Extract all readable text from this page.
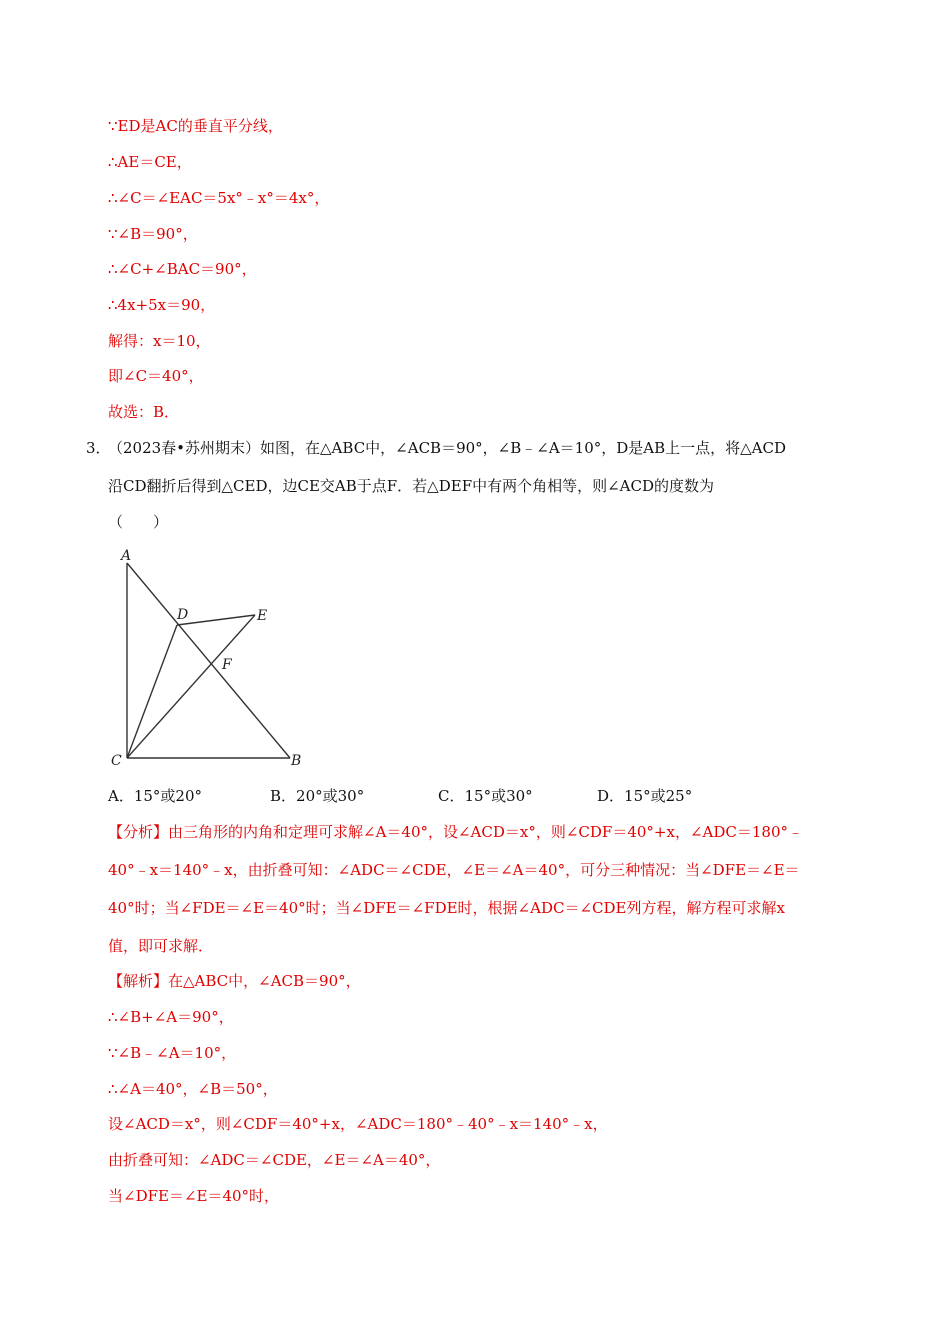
∵ED是AC的垂直平分线，
∴AE＝CE，
∴∠C＝∠EAC＝5x°﹣x°＝4x°，
∵∠B＝90°，
∴∠C+∠BAC＝90°，
∴4x+5x＝90，
解得：x＝10，
即∠C＝40°，
故选：B．
3．
（2023春•苏州期末）如图，在△ABC中，∠ACB＝90°，∠B﹣∠A＝10°，D是AB上一点，将△ACD
沿CD翻折后得到△CED，边CE交AB于点F．若△DEF中有两个角相等，则∠ACD的度数为
（　　）
A
D	E
F
C	B
A．15°或20°	B．20°或30°	C．15°或30°	D．15°或25°
【分析】由三角形的内角和定理可求解∠A＝40°，设∠ACD＝x°，则∠CDF＝40°+x，∠ADC＝180°﹣
40°﹣x＝140°﹣x，由折叠可知：∠ADC＝∠CDE，∠E＝∠A＝40°，可分三种情况：当∠DFE＝∠E＝
40°时；当∠FDE＝∠E＝40°时；当∠DFE＝∠FDE时，根据∠ADC＝∠CDE列方程，解方程可求解x
值，即可求解．
【解析】在△ABC中，∠ACB＝90°，
∴∠B+∠A＝90°，
∵∠B﹣∠A＝10°，
∴∠A＝40°，∠B＝50°，
设∠ACD＝x°，则∠CDF＝40°+x，∠ADC＝180°﹣40°﹣x＝140°﹣x，
由折叠可知：∠ADC＝∠CDE，∠E＝∠A＝40°，
当∠DFE＝∠E＝40°时，
